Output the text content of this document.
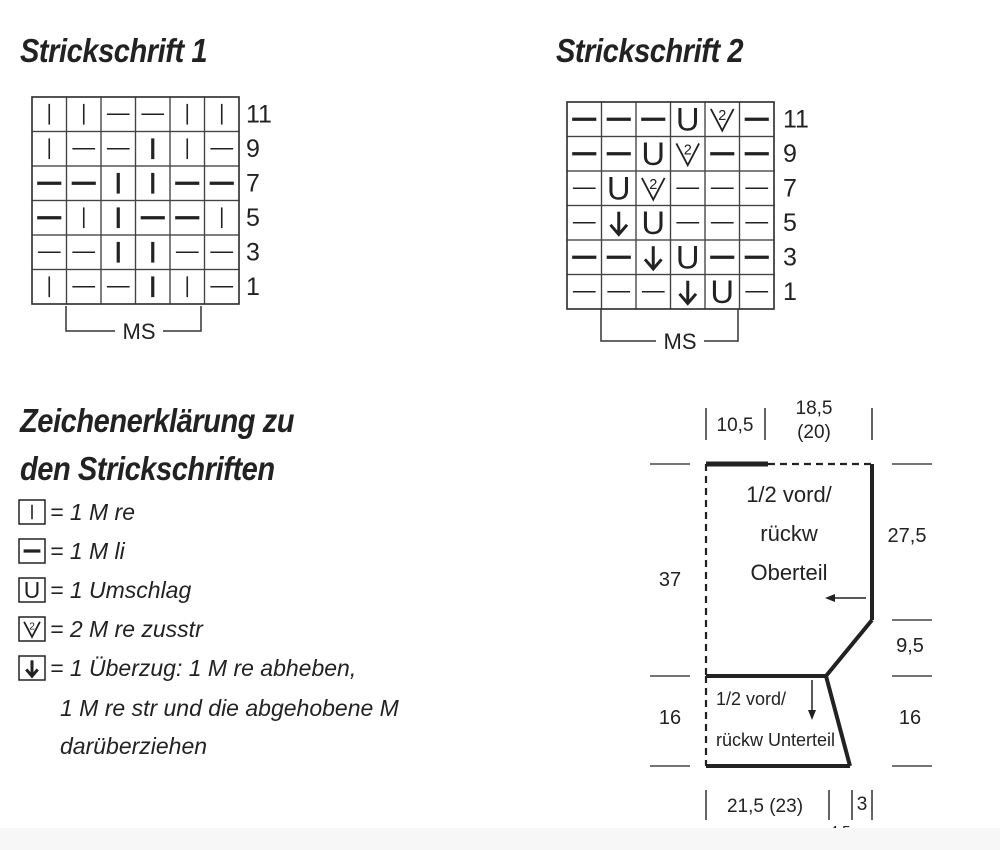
Strickschrift 1	Strickschrift 2
11
9
7
5
3
1
MS
U 2
U 2
U 2
U
U
U
11
9
7
5
3
1
MS
10,5
18,5
(20)
1/2 vord/
rückw
Oberteil
1/2 vord/
rückw Unterteil
37
16
27,5
9,5
16
21,5 (23)	3
Zeichenerklärung zu
den Strickschriften
= 1 M re
= 1 M li
U = 1 Umschlag
2 = 2 M re zusstr
= 1 Überzug: 1 M re abheben,
1 M re str und die abgehobene M
darüberziehen
